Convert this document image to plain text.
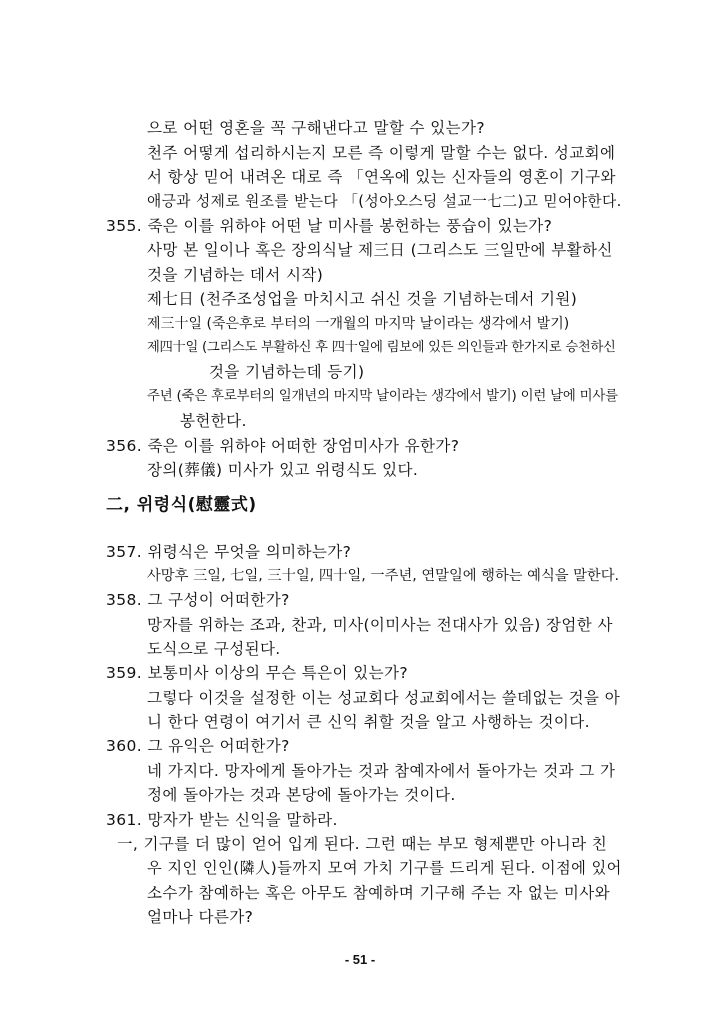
으로 어떤 영혼을 꼭 구해낸다고 말할 수 있는가?
천주 어떻게 섭리하시는지 모른 즉 이렇게 말할 수는 없다. 성교회에
서 항상 믿어 내려온 대로 즉 「연옥에 있는 신자들의 영혼이 기구와
애긍과 성제로 원조를 받는다 「(성아오스딩 설교一七二)고 믿어야한다.
355. 죽은 이를 위하야 어떤 날 미사를 봉헌하는 풍습이 있는가?
사망 본 일이나 혹은 장의식날 제三日 (그리스도 三일만에 부활하신
것을 기념하는 데서 시작)
제七日 (천주조성업을 마치시고 쉬신 것을 기념하는데서 기원)
제三十일 (죽은후로 부터의 一개월의 마지막 날이라는 생각에서 발기)
제四十일 (그리스도 부활하신 후 四十일에 림보에 있든 의인들과 한가지로 승천하신
것을 기념하는데 등기)
주년 (죽은 후로부터의 일개년의 마지막 날이라는 생각에서 발기) 이런 날에 미사를
봉헌한다.
356. 죽은 이를 위하야 어떠한 장엄미사가 유한가?
장의(葬儀) 미사가 있고 위령식도 있다.
二, 위령식(慰靈式)
357. 위령식은 무엇을 의미하는가?
사망후 三일, 七일, 三十일, 四十일, 一주년, 연말일에 행하는 예식을 말한다.
358. 그 구성이 어떠한가?
망자를 위하는 조과, 찬과, 미사(이미사는 전대사가 있음) 장엄한 사
도식으로 구성된다.
359. 보통미사 이상의 무슨 특은이 있는가?
그렇다 이것을 설정한 이는 성교회다 성교회에서는 쓸데없는 것을 아
니 한다 연령이 여기서 큰 신익 취할 것을 알고 사행하는 것이다.
360. 그 유익은 어떠한가?
네 가지다. 망자에게 돌아가는 것과 참예자에서 돌아가는 것과 그 가
정에 돌아가는 것과 본당에 돌아가는 것이다.
361. 망자가 받는 신익을 말하라.
一, 기구를 더 많이 얻어 입게 된다. 그런 때는 부모 형제뿐만 아니라 친
우 지인 인인(隣人)들까지 모여 가치 기구를 드리게 된다. 이점에 있어
소수가 참예하는 혹은 아무도 참예하며 기구해 주는 자 없는 미사와
얼마나 다른가?
- 51 -
